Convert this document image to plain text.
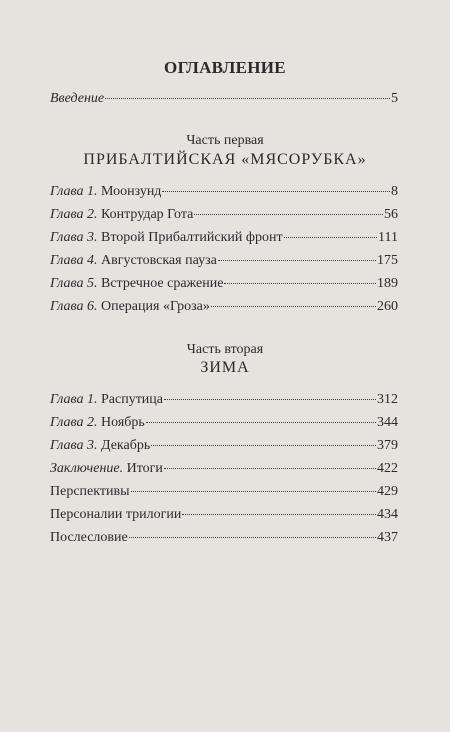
ОГЛАВЛЕНИЕ
Введение	5
Часть первая
ПРИБАЛТИЙСКАЯ «МЯСОРУБКА»
Глава 1. Моонзунд	8
Глава 2. Контрудар Гота	56
Глава 3. Второй Прибалтийский фронт	111
Глава 4. Августовская пауза	175
Глава 5. Встречное сражение	189
Глава 6. Операция «Гроза»	260
Часть вторая
ЗИМА
Глава 1. Распутица	312
Глава 2. Ноябрь	344
Глава 3. Декабрь	379
Заключение. Итоги	422
Перспективы	429
Персоналии трилогии	434
Послесловие	437
